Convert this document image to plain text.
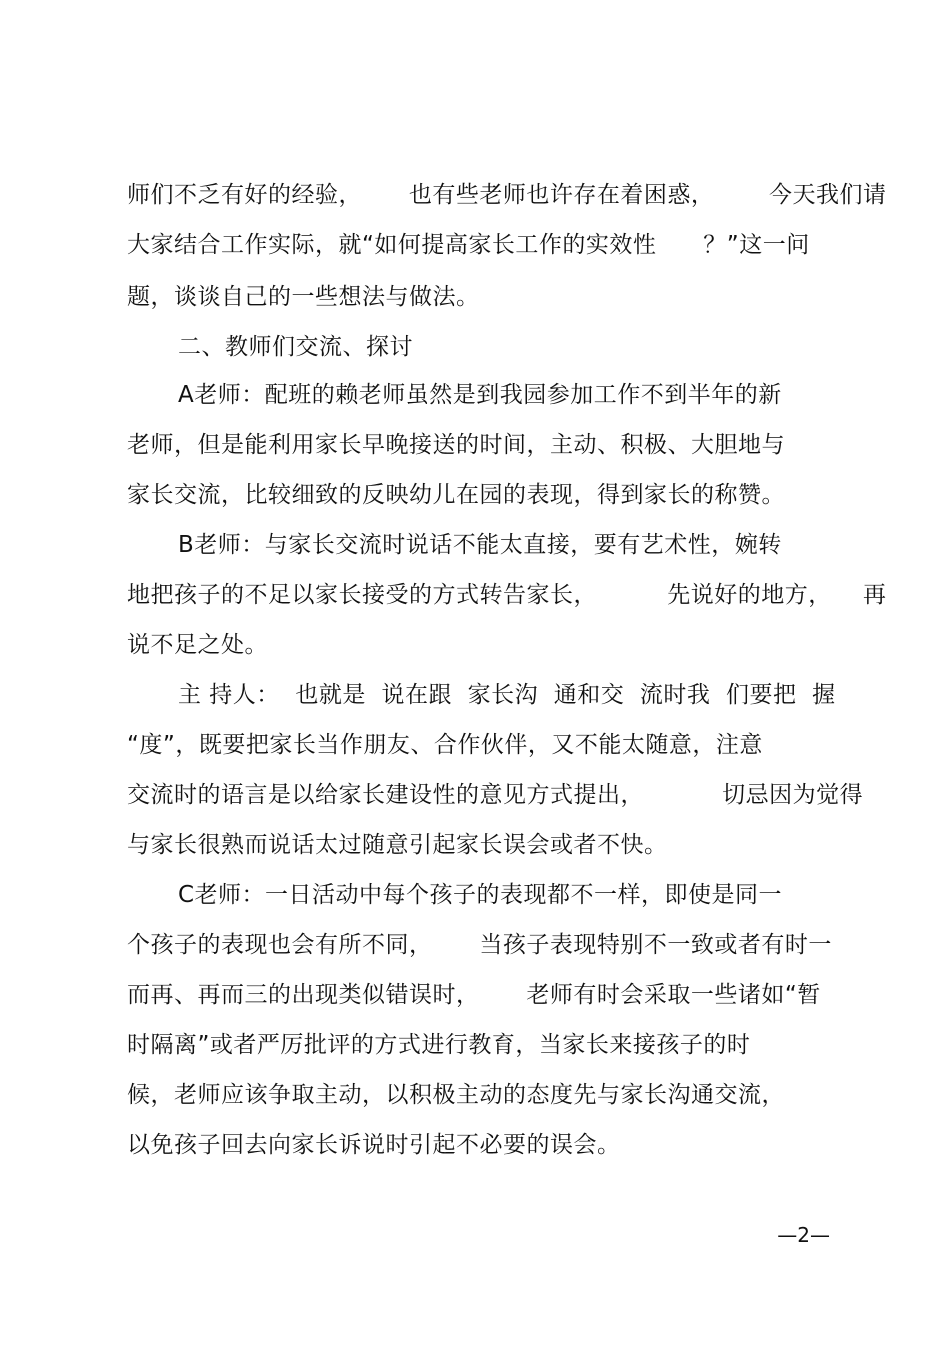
师们不乏有好的经验，      也有些老师也许存在着困惑，       今天我们请
大家结合工作实际，就“如何提高家长工作的实效性      ？”这一问
题，谈谈自己的一些想法与做法。
二、教师们交流、探讨
A老师：配班的赖老师虽然是到我园参加工作不到半年的新
老师，但是能利用家长早晚接送的时间，主动、积极、大胆地与
家长交流，比较细致的反映幼儿在园的表现，得到家长的称赞。
B老师：与家长交流时说话不能太直接，要有艺术性，婉转
地把孩子的不足以家长接受的方式转告家长，         先说好的地方，    再
说不足之处。
主 持人：  也就是  说在跟  家长沟  通和交  流时我  们要把  握
“度”，既要把家长当作朋友、合作伙伴，又不能太随意，注意
交流时的语言是以给家长建设性的意见方式提出，          切忌因为觉得
与家长很熟而说话太过随意引起家长误会或者不快。
C老师：一日活动中每个孩子的表现都不一样，即使是同一
个孩子的表现也会有所不同，      当孩子表现特别不一致或者有时一
而再、再而三的出现类似错误时，      老师有时会采取一些诸如“暂
时隔离”或者严厉批评的方式进行教育，当家长来接孩子的时
候，老师应该争取主动，以积极主动的态度先与家长沟通交流，
以免孩子回去向家长诉说时引起不必要的误会。
—2—
